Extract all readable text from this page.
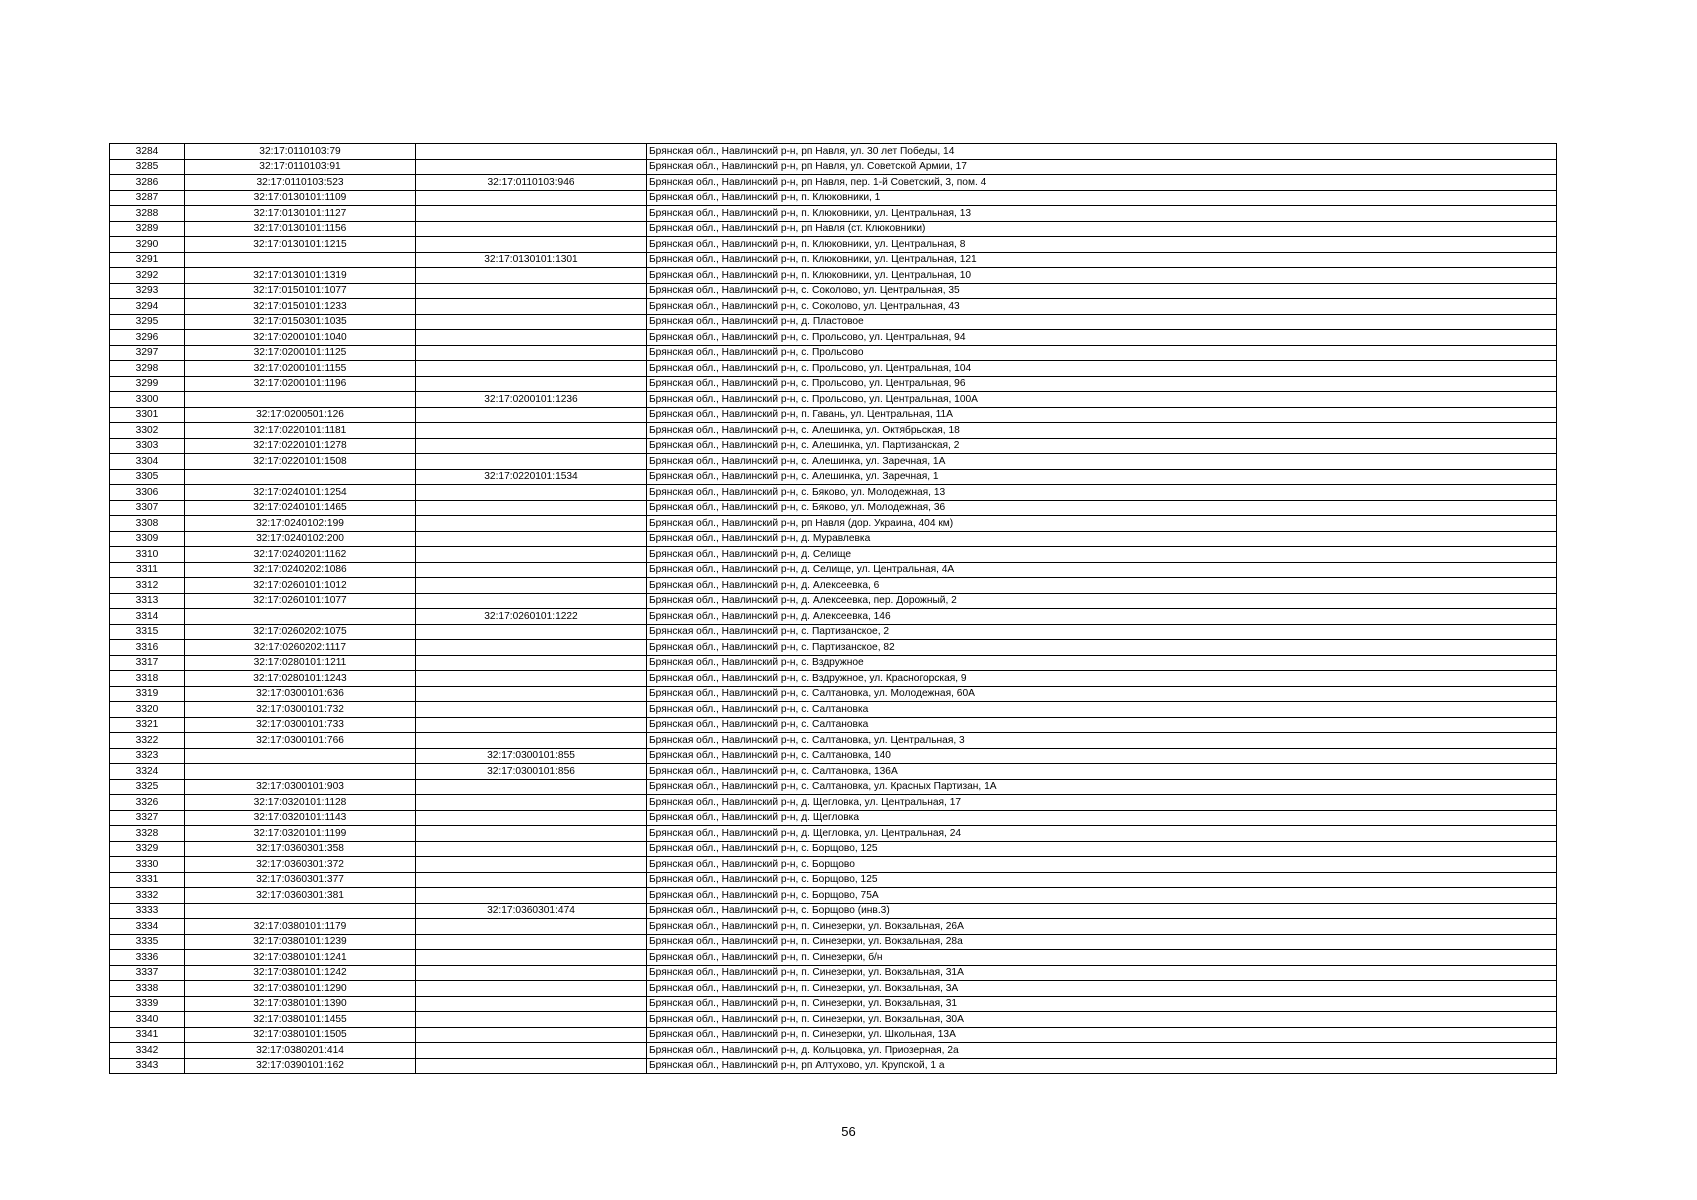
3284	32:17:0110103:79		Брянская обл., Навлинский р-н, рп Навля, ул. 30 лет Победы, 14
3285	32:17:0110103:91		Брянская обл., Навлинский р-н, рп Навля, ул. Советской Армии, 17
3286	32:17:0110103:523	32:17:0110103:946	Брянская обл., Навлинский р-н, рп Навля, пер. 1-й Советский, 3, пом. 4
3287	32:17:0130101:1109		Брянская обл., Навлинский р-н, п. Клюковники, 1
3288	32:17:0130101:1127		Брянская обл., Навлинский р-н, п. Клюковники, ул. Центральная, 13
3289	32:17:0130101:1156		Брянская обл., Навлинский р-н, рп Навля (ст. Клюковники)
3290	32:17:0130101:1215		Брянская обл., Навлинский р-н, п. Клюковники, ул. Центральная, 8
3291		32:17:0130101:1301	Брянская обл., Навлинский р-н, п. Клюковники, ул. Центральная, 121
3292	32:17:0130101:1319		Брянская обл., Навлинский р-н, п. Клюковники, ул. Центральная, 10
3293	32:17:0150101:1077		Брянская обл., Навлинский р-н, с. Соколово, ул. Центральная, 35
3294	32:17:0150101:1233		Брянская обл., Навлинский р-н, с. Соколово, ул. Центральная, 43
3295	32:17:0150301:1035		Брянская обл., Навлинский р-н, д. Пластовое
3296	32:17:0200101:1040		Брянская обл., Навлинский р-н, с. Прольсово, ул. Центральная, 94
3297	32:17:0200101:1125		Брянская обл., Навлинский р-н, с. Прольсово
3298	32:17:0200101:1155		Брянская обл., Навлинский р-н, с. Прольсово, ул. Центральная, 104
3299	32:17:0200101:1196		Брянская обл., Навлинский р-н, с. Прольсово, ул. Центральная, 96
3300		32:17:0200101:1236	Брянская обл., Навлинский р-н, с. Прольсово, ул. Центральная, 100А
3301	32:17:0200501:126		Брянская обл., Навлинский р-н, п. Гавань, ул. Центральная, 11А
3302	32:17:0220101:1181		Брянская обл., Навлинский р-н, с. Алешинка, ул. Октябрьская, 18
3303	32:17:0220101:1278		Брянская обл., Навлинский р-н, с. Алешинка, ул. Партизанская, 2
3304	32:17:0220101:1508		Брянская обл., Навлинский р-н, с. Алешинка, ул. Заречная, 1А
3305		32:17:0220101:1534	Брянская обл., Навлинский р-н, с. Алешинка, ул. Заречная, 1
3306	32:17:0240101:1254		Брянская обл., Навлинский р-н, с. Бяково, ул. Молодежная, 13
3307	32:17:0240101:1465		Брянская обл., Навлинский р-н, с. Бяково, ул. Молодежная, 36
3308	32:17:0240102:199		Брянская обл., Навлинский р-н, рп Навля (дор. Украина, 404 км)
3309	32:17:0240102:200		Брянская обл., Навлинский р-н, д. Муравлевка
3310	32:17:0240201:1162		Брянская обл., Навлинский р-н, д. Селище
3311	32:17:0240202:1086		Брянская обл., Навлинский р-н, д. Селище, ул. Центральная, 4А
3312	32:17:0260101:1012		Брянская обл., Навлинский р-н, д. Алексеевка, 6
3313	32:17:0260101:1077		Брянская обл., Навлинский р-н, д. Алексеевка, пер. Дорожный, 2
3314		32:17:0260101:1222	Брянская обл., Навлинский р-н, д. Алексеевка, 146
3315	32:17:0260202:1075		Брянская обл., Навлинский р-н, с. Партизанское, 2
3316	32:17:0260202:1117		Брянская обл., Навлинский р-н, с. Партизанское, 82
3317	32:17:0280101:1211		Брянская обл., Навлинский р-н, с. Вздружное
3318	32:17:0280101:1243		Брянская обл., Навлинский р-н, с. Вздружное, ул. Красногорская, 9
3319	32:17:0300101:636		Брянская обл., Навлинский р-н, с. Салтановка, ул. Молодежная, 60А
3320	32:17:0300101:732		Брянская обл., Навлинский р-н, с. Салтановка
3321	32:17:0300101:733		Брянская обл., Навлинский р-н, с. Салтановка
3322	32:17:0300101:766		Брянская обл., Навлинский р-н, с. Салтановка, ул. Центральная, 3
3323		32:17:0300101:855	Брянская обл., Навлинский р-н, с. Салтановка, 140
3324		32:17:0300101:856	Брянская обл., Навлинский р-н, с. Салтановка, 136А
3325	32:17:0300101:903		Брянская обл., Навлинский р-н, с. Салтановка, ул. Красных Партизан, 1А
3326	32:17:0320101:1128		Брянская обл., Навлинский р-н, д. Щегловка, ул. Центральная, 17
3327	32:17:0320101:1143		Брянская обл., Навлинский р-н, д. Щегловка
3328	32:17:0320101:1199		Брянская обл., Навлинский р-н, д. Щегловка, ул. Центральная, 24
3329	32:17:0360301:358		Брянская обл., Навлинский р-н, с. Борщово, 125
3330	32:17:0360301:372		Брянская обл., Навлинский р-н, с. Борщово
3331	32:17:0360301:377		Брянская обл., Навлинский р-н, с. Борщово, 125
3332	32:17:0360301:381		Брянская обл., Навлинский р-н, с. Борщово, 75А
3333		32:17:0360301:474	Брянская обл., Навлинский р-н, с. Борщово (инв.3)
3334	32:17:0380101:1179		Брянская обл., Навлинский р-н, п. Синезерки, ул. Вокзальная, 26А
3335	32:17:0380101:1239		Брянская обл., Навлинский р-н, п. Синезерки, ул. Вокзальная, 28а
3336	32:17:0380101:1241		Брянская обл., Навлинский р-н, п. Синезерки, б/н
3337	32:17:0380101:1242		Брянская обл., Навлинский р-н, п. Синезерки, ул. Вокзальная, 31А
3338	32:17:0380101:1290		Брянская обл., Навлинский р-н, п. Синезерки, ул. Вокзальная, 3А
3339	32:17:0380101:1390		Брянская обл., Навлинский р-н, п. Синезерки, ул. Вокзальная, 31
3340	32:17:0380101:1455		Брянская обл., Навлинский р-н, п. Синезерки, ул. Вокзальная, 30А
3341	32:17:0380101:1505		Брянская обл., Навлинский р-н, п. Синезерки, ул. Школьная, 13А
3342	32:17:0380201:414		Брянская обл., Навлинский р-н, д. Кольцовка, ул. Приозерная, 2а
3343	32:17:0390101:162		Брянская обл., Навлинский р-н, рп Алтухово, ул. Крупской, 1 а
56
